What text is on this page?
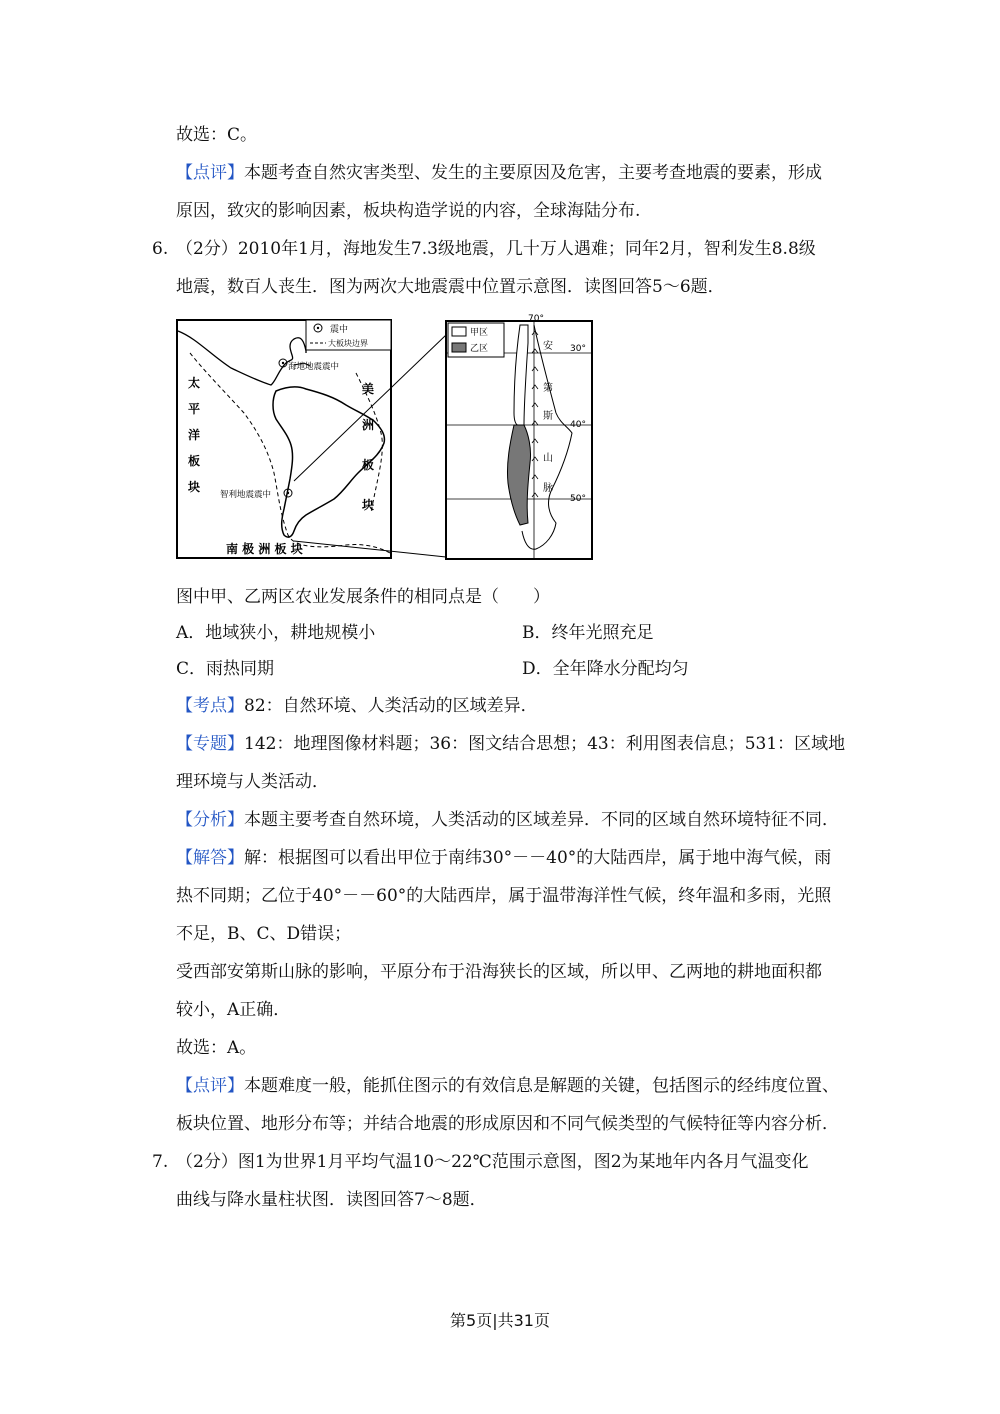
故选：C。
【点评】本题考查自然灾害类型、发生的主要原因及危害，主要考查地震的要素，形成
原因，致灾的影响因素，板块构造学说的内容，全球海陆分布.
6. （2分）2010年1月，海地发生7.3级地震，几十万人遇难；同年2月，智利发生8.8级
地震，数百人丧生．图为两次大地震震中位置示意图．读图回答5～6题．
震中
大板块边界
海地地震震中
智利地震震中
太
平
洋
板
块
美
洲
板
块
南 极 洲 板 块
70°
30°
40°
50°
甲区
乙区	安
第
斯
山
脉
图中甲、乙两区农业发展条件的相同点是（　　）
A．地域狭小，耕地规模小	B．终年光照充足
C．雨热同期	D．全年降水分配均匀
【考点】82：自然环境、人类活动的区域差异．
【专题】142：地理图像材料题；36：图文结合思想；43：利用图表信息；531：区域地
理环境与人类活动．
【分析】本题主要考查自然环境，人类活动的区域差异．不同的区域自然环境特征不同．
【解答】解：根据图可以看出甲位于南纬30°－－40°的大陆西岸，属于地中海气候，雨
热不同期；乙位于40°－－60°的大陆西岸，属于温带海洋性气候，终年温和多雨，光照
不足，B、C、D错误；
受西部安第斯山脉的影响，平原分布于沿海狭长的区域，所以甲、乙两地的耕地面积都
较小，A正确．
故选：A。
【点评】本题难度一般，能抓住图示的有效信息是解题的关键，包括图示的经纬度位置、
板块位置、地形分布等；并结合地震的形成原因和不同气候类型的气候特征等内容分析．
7. （2分）图1为世界1月平均气温10～22℃范围示意图，图2为某地年内各月气温变化
曲线与降水量柱状图．读图回答7～8题．
第5页|共31页
